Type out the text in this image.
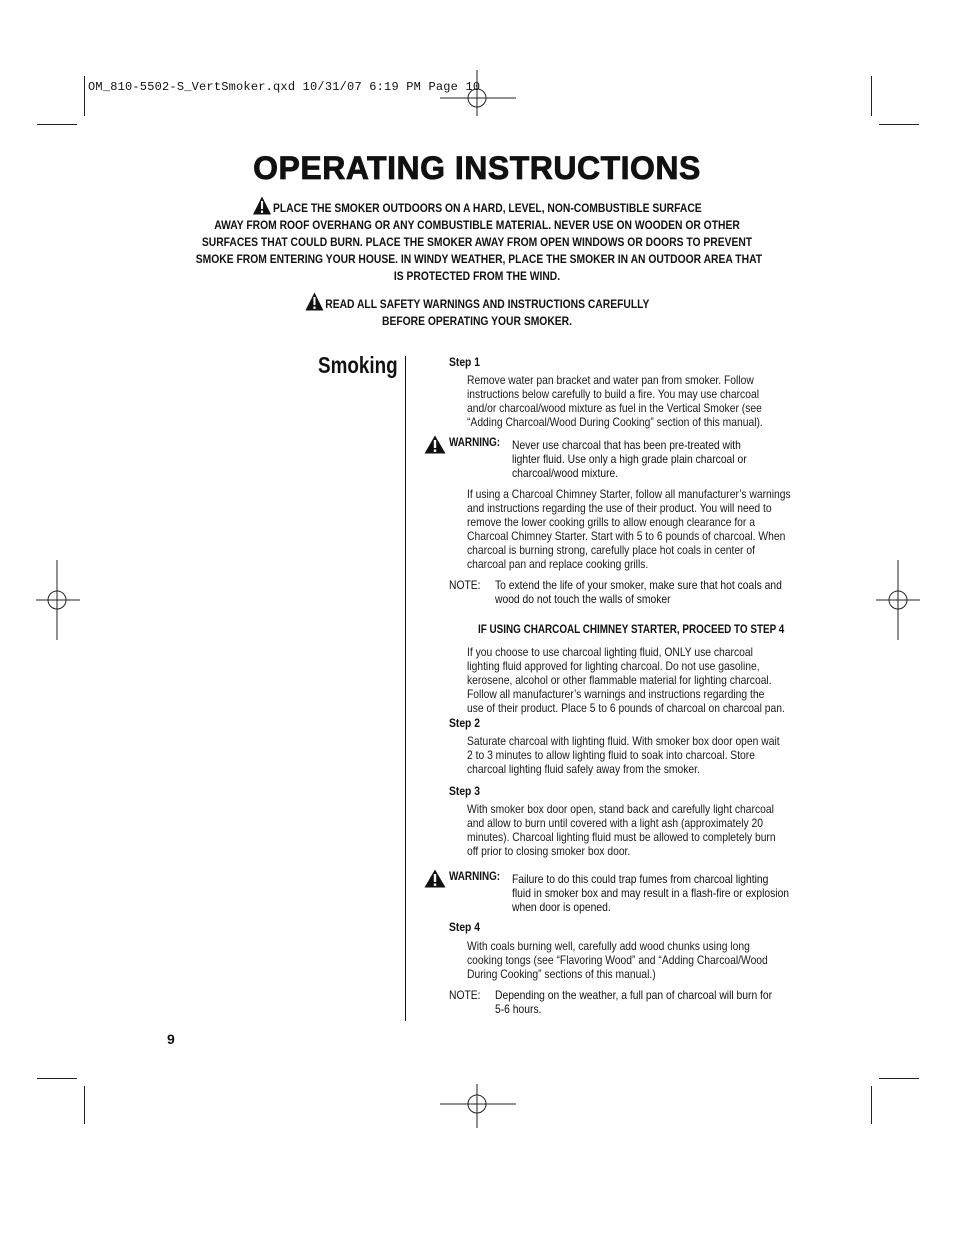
OM_810-5502-S_VertSmoker.qxd 10/31/07 6:19 PM Page 10
OPERATING INSTRUCTIONS
PLACE THE SMOKER OUTDOORS ON A HARD, LEVEL, NON-COMBUSTIBLE SURFACE
AWAY FROM ROOF OVERHANG OR ANY COMBUSTIBLE MATERIAL. NEVER USE ON WOODEN OR OTHER
SURFACES THAT COULD BURN. PLACE THE SMOKER AWAY FROM OPEN WINDOWS OR DOORS TO PREVENT
SMOKE FROM ENTERING YOUR HOUSE. IN WINDY WEATHER, PLACE THE SMOKER IN AN OUTDOOR AREA THAT
IS PROTECTED FROM THE WIND.
READ ALL SAFETY WARNINGS AND INSTRUCTIONS CAREFULLY
BEFORE OPERATING YOUR SMOKER.
Smoking	Step 1
Remove water pan bracket and water pan from smoker. Follow
instructions below carefully to build a fire. You may use charcoal
and/or charcoal/wood mixture as fuel in the Vertical Smoker (see
“Adding Charcoal/Wood During Cooking” section of this manual).
WARNING: Never use charcoal that has been pre-treated with
lighter fluid. Use only a high grade plain charcoal or
charcoal/wood mixture.
If using a Charcoal Chimney Starter, follow all manufacturer’s warnings
and instructions regarding the use of their product. You will need to
remove the lower cooking grills to allow enough clearance for a
Charcoal Chimney Starter. Start with 5 to 6 pounds of charcoal. When
charcoal is burning strong, carefully place hot coals in center of
charcoal pan and replace cooking grills.
NOTE: To extend the life of your smoker, make sure that hot coals and
wood do not touch the walls of smoker
IF USING CHARCOAL CHIMNEY STARTER, PROCEED TO STEP 4
If you choose to use charcoal lighting fluid, ONLY use charcoal
lighting fluid approved for lighting charcoal. Do not use gasoline,
kerosene, alcohol or other flammable material for lighting charcoal.
Follow all manufacturer’s warnings and instructions regarding the
use of their product. Place 5 to 6 pounds of charcoal on charcoal pan.
Step 2
Saturate charcoal with lighting fluid. With smoker box door open wait
2 to 3 minutes to allow lighting fluid to soak into charcoal. Store
charcoal lighting fluid safely away from the smoker.
Step 3
With smoker box door open, stand back and carefully light charcoal
and allow to burn until covered with a light ash (approximately 20
minutes). Charcoal lighting fluid must be allowed to completely burn
off prior to closing smoker box door.
WARNING: Failure to do this could trap fumes from charcoal lighting
fluid in smoker box and may result in a flash-fire or explosion
when door is opened.
Step 4
With coals burning well, carefully add wood chunks using long
cooking tongs (see “Flavoring Wood” and “Adding Charcoal/Wood
During Cooking” sections of this manual.)
NOTE: Depending on the weather, a full pan of charcoal will burn for
5-6 hours.
9
